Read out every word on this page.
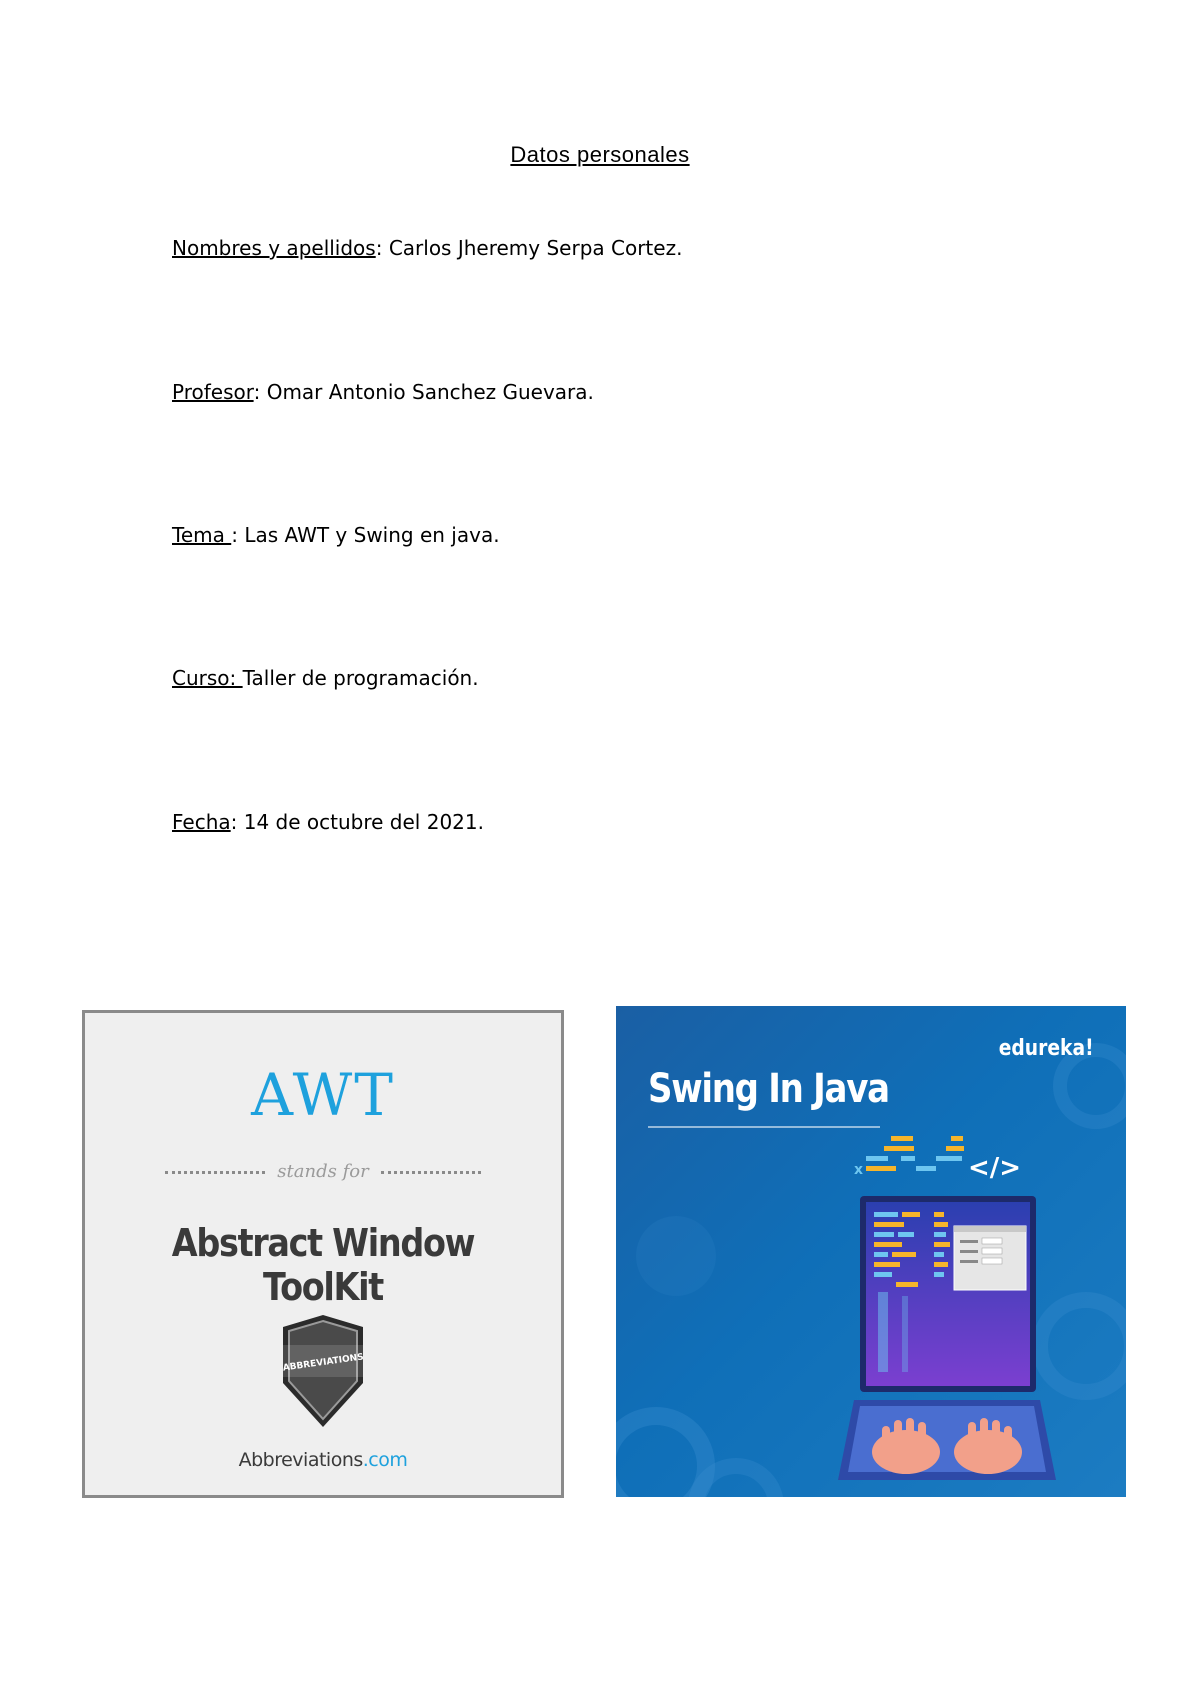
Datos personales
Nombres y apellidos: Carlos Jheremy Serpa Cortez.
Profesor: Omar Antonio Sanchez Guevara.
Tema : Las AWT y Swing en java.
Curso: Taller de programación.
Fecha: 14 de octubre del 2021.
AWT
stands for
Abstract Window ToolKit
ABBREVIATIONS
Abbreviations.com
x	</>
edureka!
Swing In Java
